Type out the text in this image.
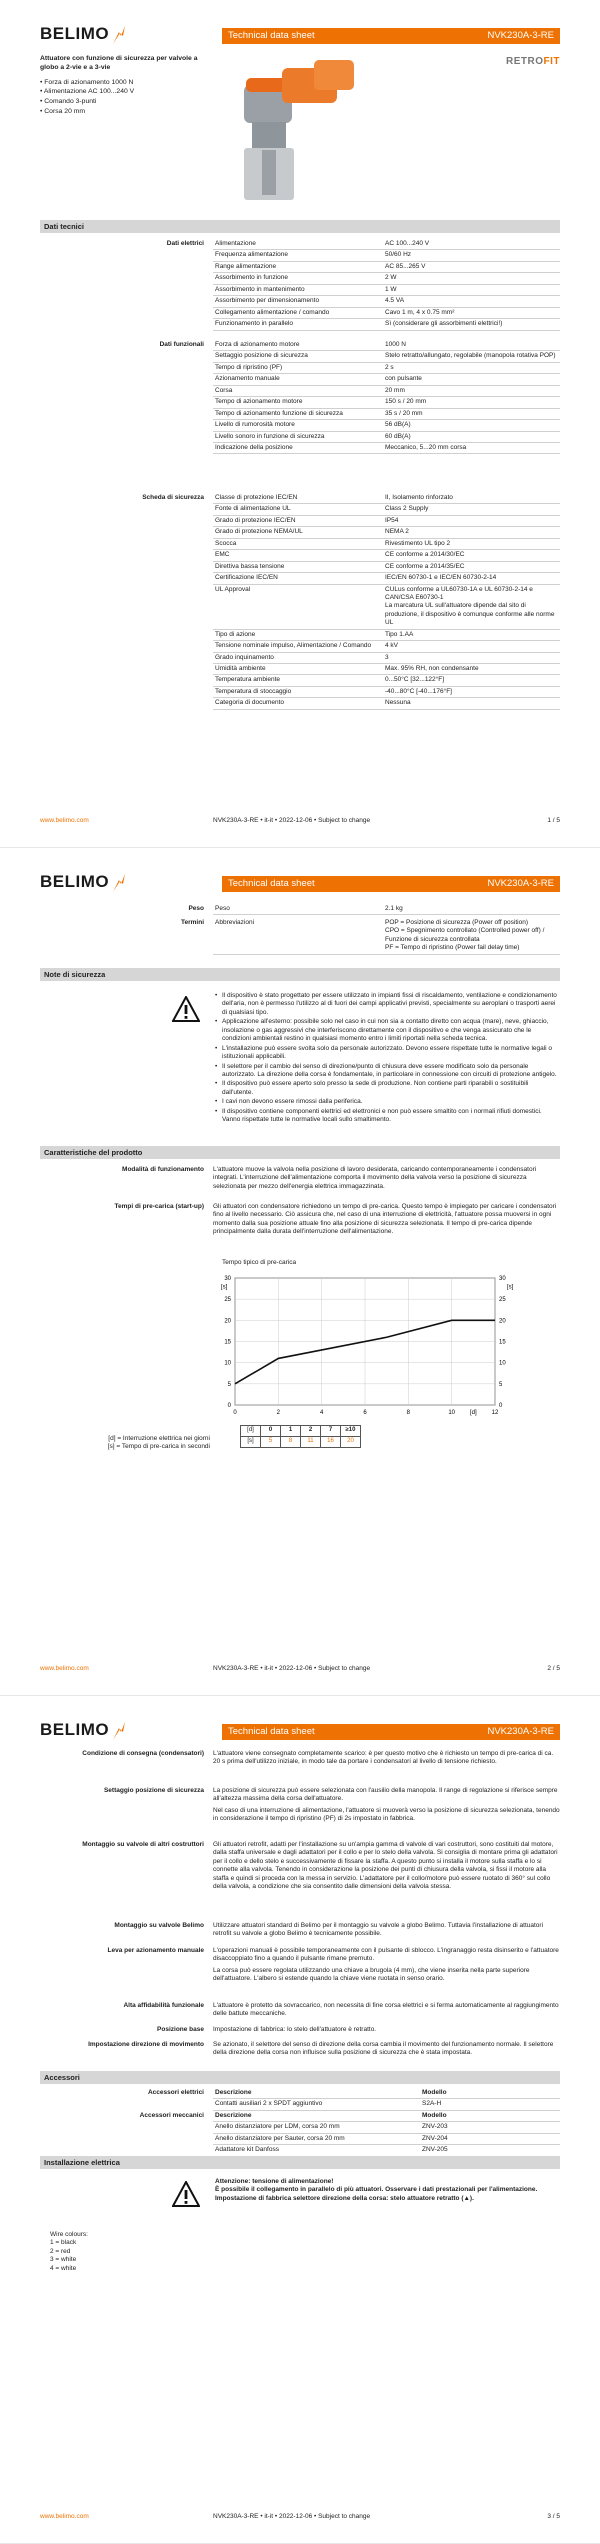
BELIMO	Technical data sheet	NVK230A-3-RE
RETROFIT
Attuatore con funzione di sicurezza per valvole a globo a 2-vie e a 3-vie
• Forza di azionamento 1000 N
• Alimentazione AC 100...240 V
• Comando 3-punti
• Corsa 20 mm
Dati tecnici
Dati elettrici	Alimentazione	AC 100...240 V
Frequenza alimentazione	50/60 Hz
Range alimentazione	AC 85...265 V
Assorbimento in funzione	2 W
Assorbimento in mantenimento	1 W
Assorbimento per dimensionamento	4.5 VA
Collegamento alimentazione / comando	Cavo 1 m, 4 x 0.75 mm²
Funzionamento in parallelo	Sì (considerare gli assorbimenti elettrici!)
Dati funzionali	Forza di azionamento motore	1000 N
Settaggio posizione di sicurezza	Stelo retratto/allungato, regolabile (manopola rotativa POP)
Tempo di ripristino (PF)	2 s
Azionamento manuale	con pulsante
Corsa	20 mm
Tempo di azionamento motore	150 s / 20 mm
Tempo di azionamento funzione di sicurezza	35 s / 20 mm
Livello di rumorosità motore	56 dB(A)
Livello sonoro in funzione di sicurezza	60 dB(A)
Indicazione della posizione	Meccanico, 5...20 mm corsa
Scheda di sicurezza	Classe di protezione IEC/EN	II, Isolamento rinforzato
Fonte di alimentazione UL	Class 2 Supply
Grado di protezione IEC/EN	IP54
Grado di protezione NEMA/UL	NEMA 2
Scocca	Rivestimento UL tipo 2
EMC	CE conforme a 2014/30/EC
Direttiva bassa tensione	CE conforme a 2014/35/EC
Certificazione IEC/EN	IEC/EN 60730-1 e IEC/EN 60730-2-14
UL Approval	CULus conforme a UL60730-1A e UL 60730-2-14 e CAN/CSA E60730-1
La marcatura UL sull'attuatore dipende dal sito di produzione, il dispositivo è comunque conforme alle norme UL
Tipo di azione	Tipo 1.AA
Tensione nominale impulso, Alimentazione / Comando	4 kV
Grado inquinamento	3
Umidità ambiente	Max. 95% RH, non condensante
Temperatura ambiente	0...50°C [32...122°F]
Temperatura di stoccaggio	-40...80°C [-40...176°F]
Categoria di documento	Nessuna
www.belimo.com	NVK230A-3-RE • it-it • 2022-12-06 • Subject to change	1 / 5
BELIMO	Technical data sheet	NVK230A-3-RE
Peso	Peso	2.1 kg
Termini	Abbreviazioni	POP = Posizione di sicurezza (Power off position)
CPO = Spegnimento controllato (Controlled power off) / Funzione di sicurezza controllata
PF = Tempo di ripristino (Power fail delay time)
Note di sicurezza
• Il dispositivo è stato progettato per essere utilizzato in impianti fissi di riscaldamento, ventilazione e condizionamento dell'aria, non è permesso l'utilizzo al di fuori dei campi applicativi previsti, specialmente su aeroplani o trasporti aerei di qualsiasi tipo.
• Applicazione all'esterno: possibile solo nel caso in cui non sia a contatto diretto con acqua (mare), neve, ghiaccio, insolazione o gas aggressivi che interferiscono direttamente con il dispositivo e che venga assicurato che le condizioni ambientali restino in qualsiasi momento entro i limiti riportati nella scheda tecnica.
• L'installazione può essere svolta solo da personale autorizzato. Devono essere rispettate tutte le normative legali o istituzionali applicabili.
• Il selettore per il cambio del senso di direzione/punto di chiusura deve essere modificato solo da personale autorizzato. La direzione della corsa è fondamentale, in particolare in connessione con circuiti di protezione antigelo.
• Il dispositivo può essere aperto solo presso la sede di produzione. Non contiene parti riparabili o sostituibili dall'utente.
• I cavi non devono essere rimossi dalla periferica.
• Il dispositivo contiene componenti elettrici ed elettronici e non può essere smaltito con i normali rifiuti domestici. Vanno rispettate tutte le normative locali sullo smaltimento.
Caratteristiche del prodotto
Modalità di funzionamento	L'attuatore muove la valvola nella posizione di lavoro desiderata, caricando contemporaneamente i condensatori integrati. L'interruzione dell'alimentazione comporta il movimento della valvola verso la posizione di sicurezza selezionata per mezzo dell'energia elettrica immagazzinata.
Tempi di pre-carica (start-up)	Gli attuatori con condensatore richiedono un tempo di pre-carica. Questo tempo è impiegato per caricare i condensatori fino al livello necessario. Ciò assicura che, nel caso di una interruzione di elettricità, l'attuatore possa muoversi in ogni momento dalla sua posizione attuale fino alla posizione di sicurezza selezionata. Il tempo di pre-carica dipende principalmente dalla durata dell'interruzione dell'alimentazione.
Tempo tipico di pre-carica
0	2	4	6	8	10	12
0	0
5	5
10	10
15	15
20	20
25	25
30	30
[s]	[s]
[d]
[d]	0	1	2	7	≥10
[s]	5	8	11	16	20
[d] = Interruzione elettrica nei giorni
[s] = Tempo di pre-carica in secondi
www.belimo.com	NVK230A-3-RE • it-it • 2022-12-06 • Subject to change	2 / 5
BELIMO	Technical data sheet	NVK230A-3-RE
Condizione di consegna (condensatori)	L'attuatore viene consegnato completamente scarico: è per questo motivo che è richiesto un tempo di pre-carica di ca. 20 s prima dell'utilizzo iniziale, in modo tale da portare i condensatori al livello di tensione richiesto.
Settaggio posizione di sicurezza	La posizione di sicurezza può essere selezionata con l'ausilio della manopola. Il range di regolazione si riferisce sempre all'altezza massima della corsa dell'attuatore.

Nel caso di una interruzione di alimentazione, l'attuatore si muoverà verso la posizione di sicurezza selezionata, tenendo in considerazione il tempo di ripristino (PF) di 2s impostato in fabbrica.

Montaggio su valvole di altri costruttori	Gli attuatori retrofit, adatti per l'installazione su un'ampia gamma di valvole di vari costruttori, sono costituiti dal motore, dalla staffa universale e dagli adattatori per il collo e per lo stelo della valvola. Si consiglia di montare prima gli adattatori per il collo e dello stelo e successivamente di fissare la staffa. A questo punto si installa il motore sulla staffa e lo si connette alla valvola. Tenendo in considerazione la posizione dei punti di chiusura della valvola, si fissi il motore alla staffa e quindi si proceda con la messa in servizio. L'adattatore per il collo/motore può essere ruotato di 360° sul collo della valvola, a condizione che sia consentito dalle dimensioni della valvola stessa.
Montaggio su valvole Belimo	Utilizzare attuatori standard di Belimo per il montaggio su valvole a globo Belimo. Tuttavia l'installazione di attuatori retrofit su valvole a globo Belimo è tecnicamente possibile.
Leva per azionamento manuale	L'operazioni manuali è possibile temporaneamente con il pulsante di sblocco. L'ingranaggio resta disinserito e l'attuatore disaccoppiato fino a quando il pulsante rimane premuto.

La corsa può essere regolata utilizzando una chiave a brugola (4 mm), che viene inserita nella parte superiore dell'attuatore. L'albero si estende quando la chiave viene ruotata in senso orario.

Alta affidabilità funzionale	L'attuatore è protetto da sovraccarico, non necessita di fine corsa elettrici e si ferma automaticamente al raggiungimento delle battute meccaniche.
Posizione base	Impostazione di fabbrica: lo stelo dell'attuatore è retratto.
Impostazione direzione di movimento	Se azionato, il selettore del senso di direzione della corsa cambia il movimento del funzionamento normale. Il selettore della direzione della corsa non influisce sulla posizione di sicurezza che è stata impostata.
Accessori
Accessori elettrici	Descrizione	Modello
Contatti ausiliari 2 x SPDT aggiuntivo	S2A-H
Accessori meccanici	Descrizione	Modello
Anello distanziatore per LDM, corsa 20 mm	ZNV-203
Anello distanziatore per Sauter, corsa 20 mm	ZNV-204
Adattatore kit Danfoss	ZNV-205
Installazione elettrica
Attenzione: tensione di alimentazione!
È possibile il collegamento in parallelo di più attuatori. Osservare i dati prestazionali per l'alimentazione.
Impostazione di fabbrica selettore direzione della corsa: stelo attuatore retratto (▲).
Wire colours:
1 = black
2 = red
3 = white
4 = white
www.belimo.com	NVK230A-3-RE • it-it • 2022-12-06 • Subject to change	3 / 5
